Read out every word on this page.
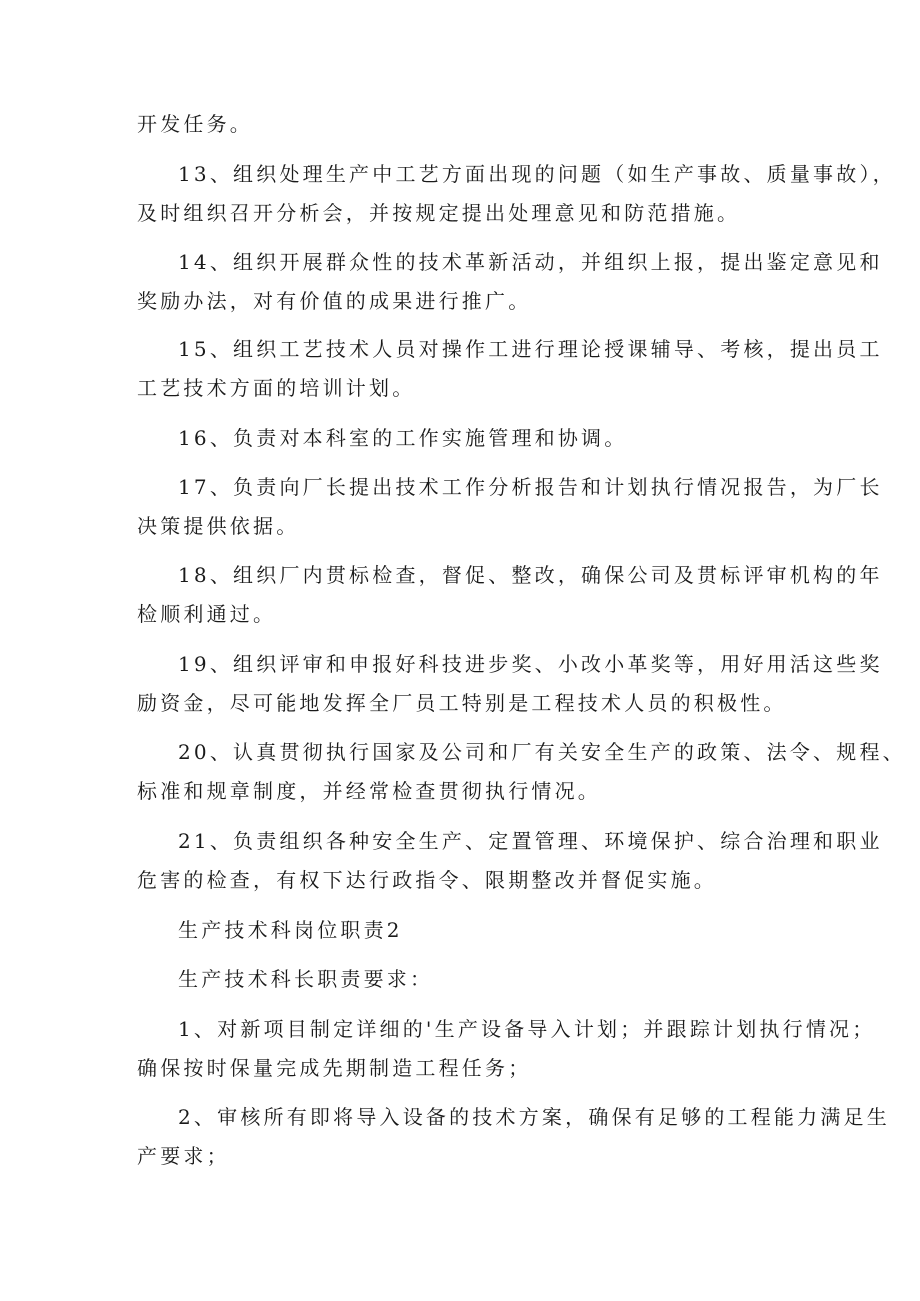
开发任务。
13、组织处理生产中工艺方面出现的问题（如生产事故、质量事故），
及时组织召开分析会，并按规定提出处理意见和防范措施。
14、组织开展群众性的技术革新活动，并组织上报，提出鉴定意见和
奖励办法，对有价值的成果进行推广。
15、组织工艺技术人员对操作工进行理论授课辅导、考核，提出员工
工艺技术方面的培训计划。
16、负责对本科室的工作实施管理和协调。
17、负责向厂长提出技术工作分析报告和计划执行情况报告，为厂长
决策提供依据。
18、组织厂内贯标检查，督促、整改，确保公司及贯标评审机构的年
检顺利通过。
19、组织评审和申报好科技进步奖、小改小革奖等，用好用活这些奖
励资金，尽可能地发挥全厂员工特别是工程技术人员的积极性。
20、认真贯彻执行国家及公司和厂有关安全生产的政策、法令、规程、
标准和规章制度，并经常检查贯彻执行情况。
21、负责组织各种安全生产、定置管理、环境保护、综合治理和职业
危害的检查，有权下达行政指令、限期整改并督促实施。
生产技术科岗位职责2
生产技术科长职责要求：
1、对新项目制定详细的'生产设备导入计划；并跟踪计划执行情况；
确保按时保量完成先期制造工程任务；
2、审核所有即将导入设备的技术方案，确保有足够的工程能力满足生
产要求；
